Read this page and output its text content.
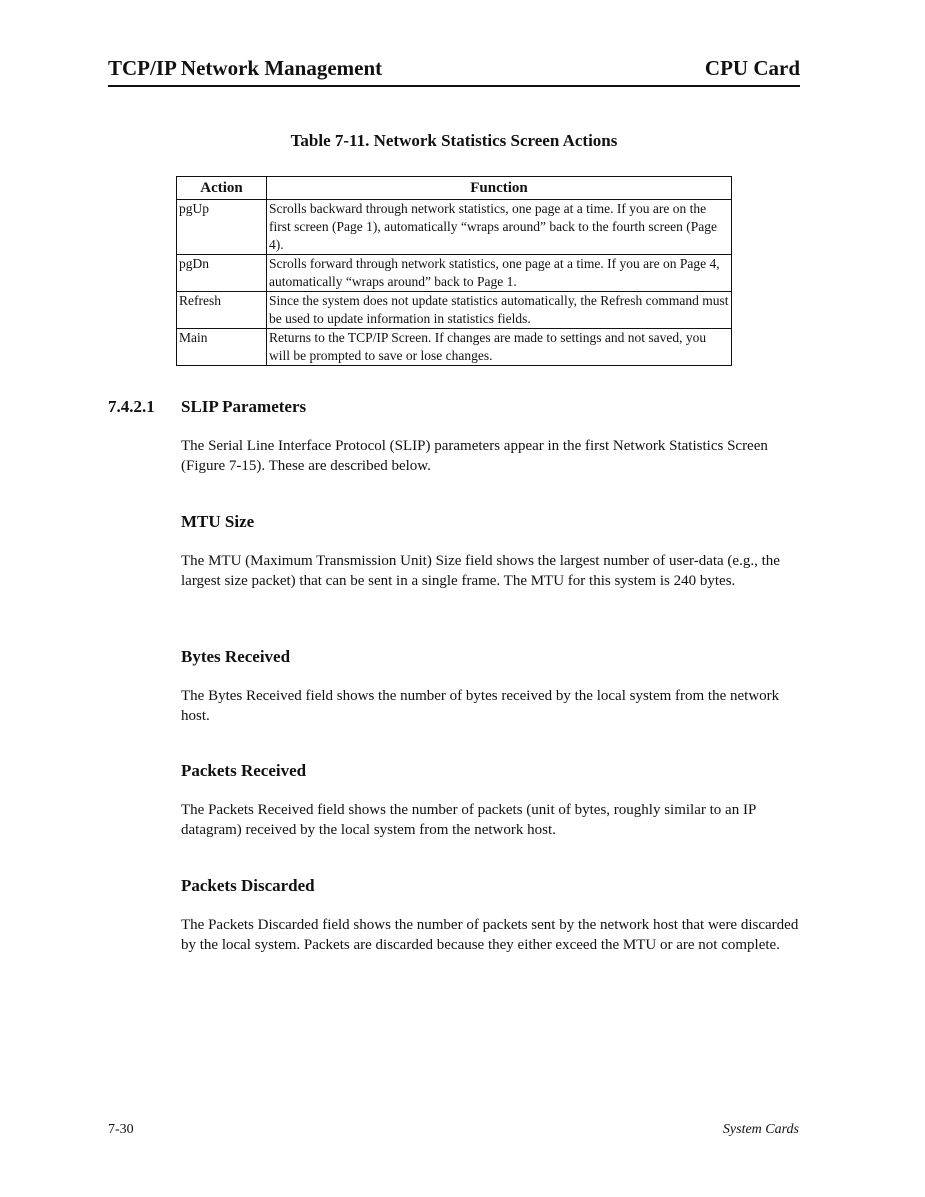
TCP/IP Network Management	CPU Card
Table 7-11. Network Statistics Screen Actions
Action	Function
pgUp	Scrolls backward through network statistics, one page at a time. If you are on the first screen (Page 1), automatically “wraps around” back to the fourth screen (Page 4).
pgDn	Scrolls forward through network statistics, one page at a time. If you are on Page 4, automatically “wraps around” back to Page 1.
Refresh	Since the system does not update statistics automatically, the Refresh command must be used to update information in statistics fields.
Main	Returns to the TCP/IP Screen. If changes are made to settings and not saved, you will be prompted to save or lose changes.
7.4.2.1 SLIP Parameters
The Serial Line Interface Protocol (SLIP) parameters appear in the first Network Statistics Screen (Figure 7-15). These are described below.
MTU Size
The MTU (Maximum Transmission Unit) Size field shows the largest number of user-data (e.g., the largest size packet) that can be sent in a single frame. The MTU for this system is 240 bytes.
Bytes Received
The Bytes Received field shows the number of bytes received by the local system from the network host.
Packets Received
The Packets Received field shows the number of packets (unit of bytes, roughly similar to an IP datagram) received by the local system from the network host.
Packets Discarded
The Packets Discarded field shows the number of packets sent by the network host that were discarded by the local system. Packets are discarded because they either exceed the MTU or are not complete.
7-30	System Cards
